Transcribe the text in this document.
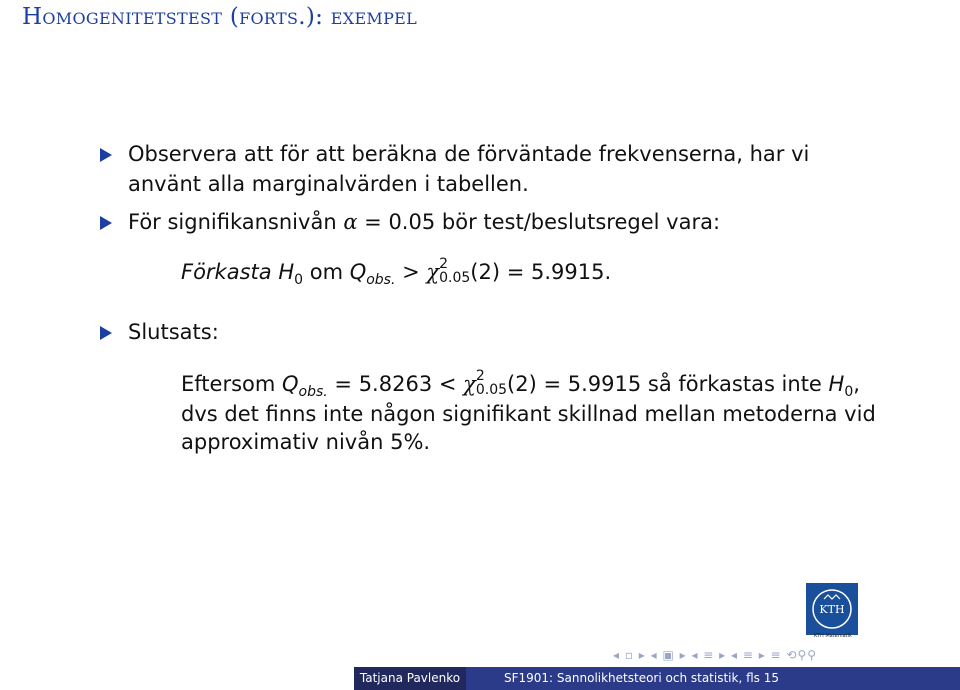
Homogenitetstest (forts.): exempel
Observera att för att beräkna de förväntade frekvenserna, har vi
använt alla marginalvärden i tabellen.
För signifikansnivån α = 0.05 bör test/beslutsregel vara:
Förkasta $H_0$ om $Q_{obs.} > \chi$ 2
0.05 (2) = 5.9915.
Slutsats:
Eftersom $Q_{obs.} = 5.8263 < \chi$ 2
0.05 (2) = 5.9915 så förkastas inte $H_0$,
dvs det finns inte någon signifikant skillnad mellan metoderna vid
approximativ nivån 5%.
KTH
KTH Matematik
◂ ▫ ▸ ◂ ▣ ▸ ◂ ≡ ▸ ◂ ≡ ▸ ≡ ⟲⚲⚲
Tatjana Pavlenko	SF1901: Sannolikhetsteori och statistik, fls 15
